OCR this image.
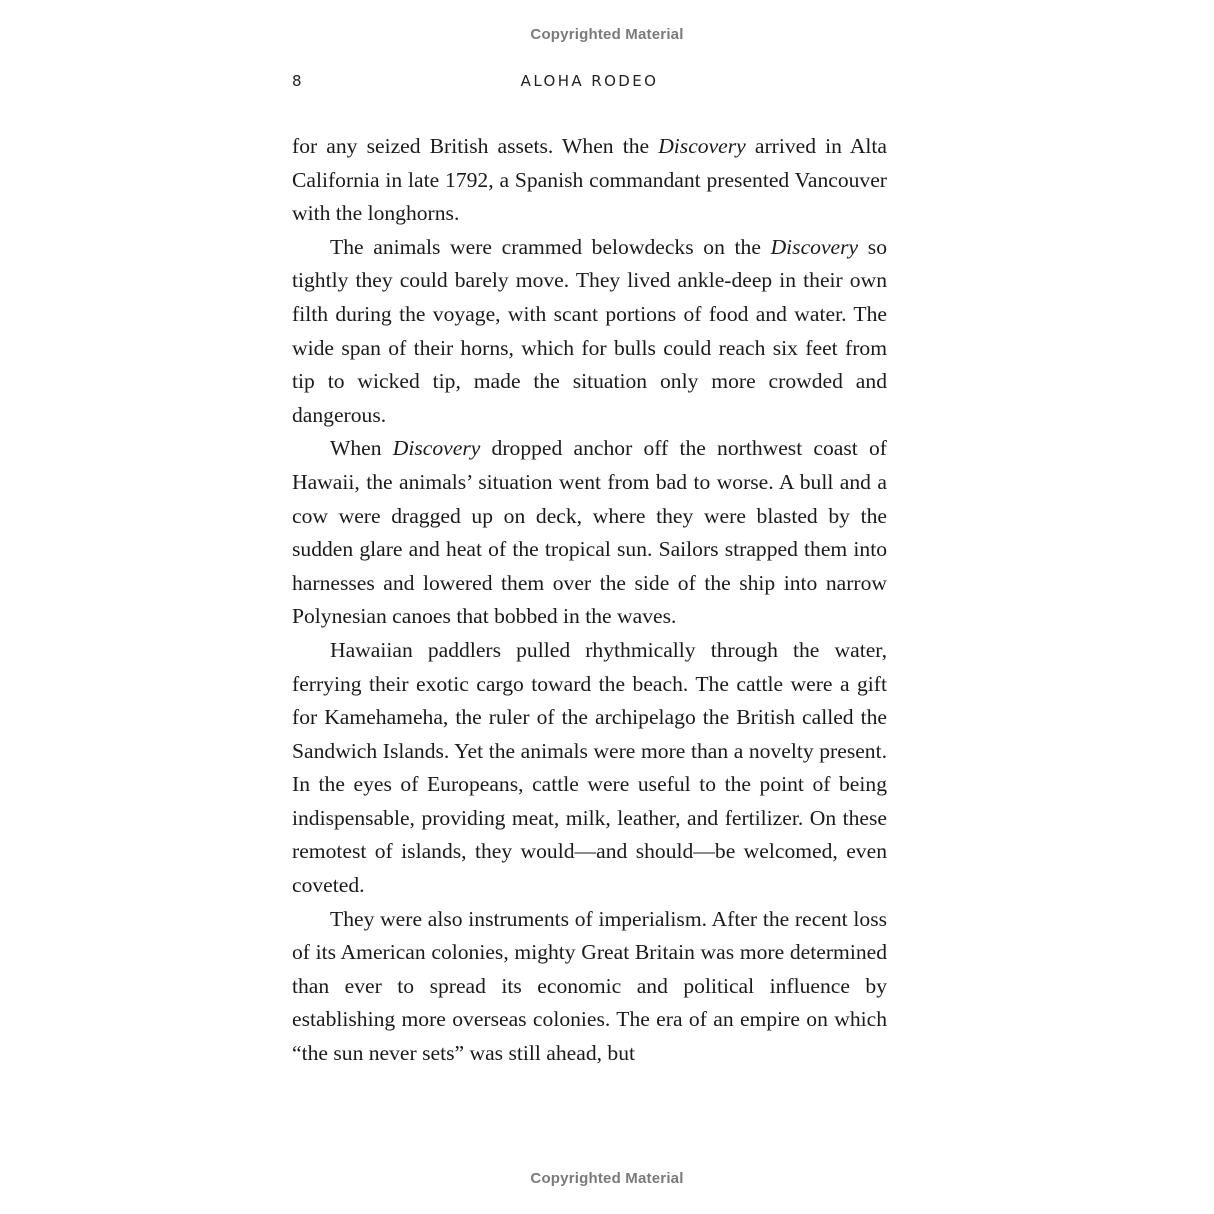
Copyrighted Material
8	ALOHA RODEO

for any seized British assets. When the Discovery arrived in Alta California in late 1792, a Spanish commandant presented Vancouver with the longhorns.

The animals were crammed belowdecks on the Discovery so tightly they could barely move. They lived ankle-deep in their own filth during the voyage, with scant portions of food and water. The wide span of their horns, which for bulls could reach six feet from tip to wicked tip, made the situation only more crowded and dangerous.

When Discovery dropped anchor off the northwest coast of Hawaii, the animals’ situation went from bad to worse. A bull and a cow were dragged up on deck, where they were blasted by the sudden glare and heat of the tropical sun. Sailors strapped them into harnesses and lowered them over the side of the ship into narrow Polynesian canoes that bobbed in the waves.

Hawaiian paddlers pulled rhythmically through the water, ferrying their exotic cargo toward the beach. The cattle were a gift for Kamehameha, the ruler of the archipelago the British called the Sandwich Islands. Yet the animals were more than a novelty present. In the eyes of Europeans, cattle were useful to the point of being indispensable, providing meat, milk, leather, and fertilizer. On these remotest of islands, they would—and should—be welcomed, even coveted.

They were also instruments of imperialism. After the recent loss of its American colonies, mighty Great Britain was more determined than ever to spread its economic and political influence by establishing more overseas colonies. The era of an empire on which “the sun never sets” was still ahead, but

Copyrighted Material
